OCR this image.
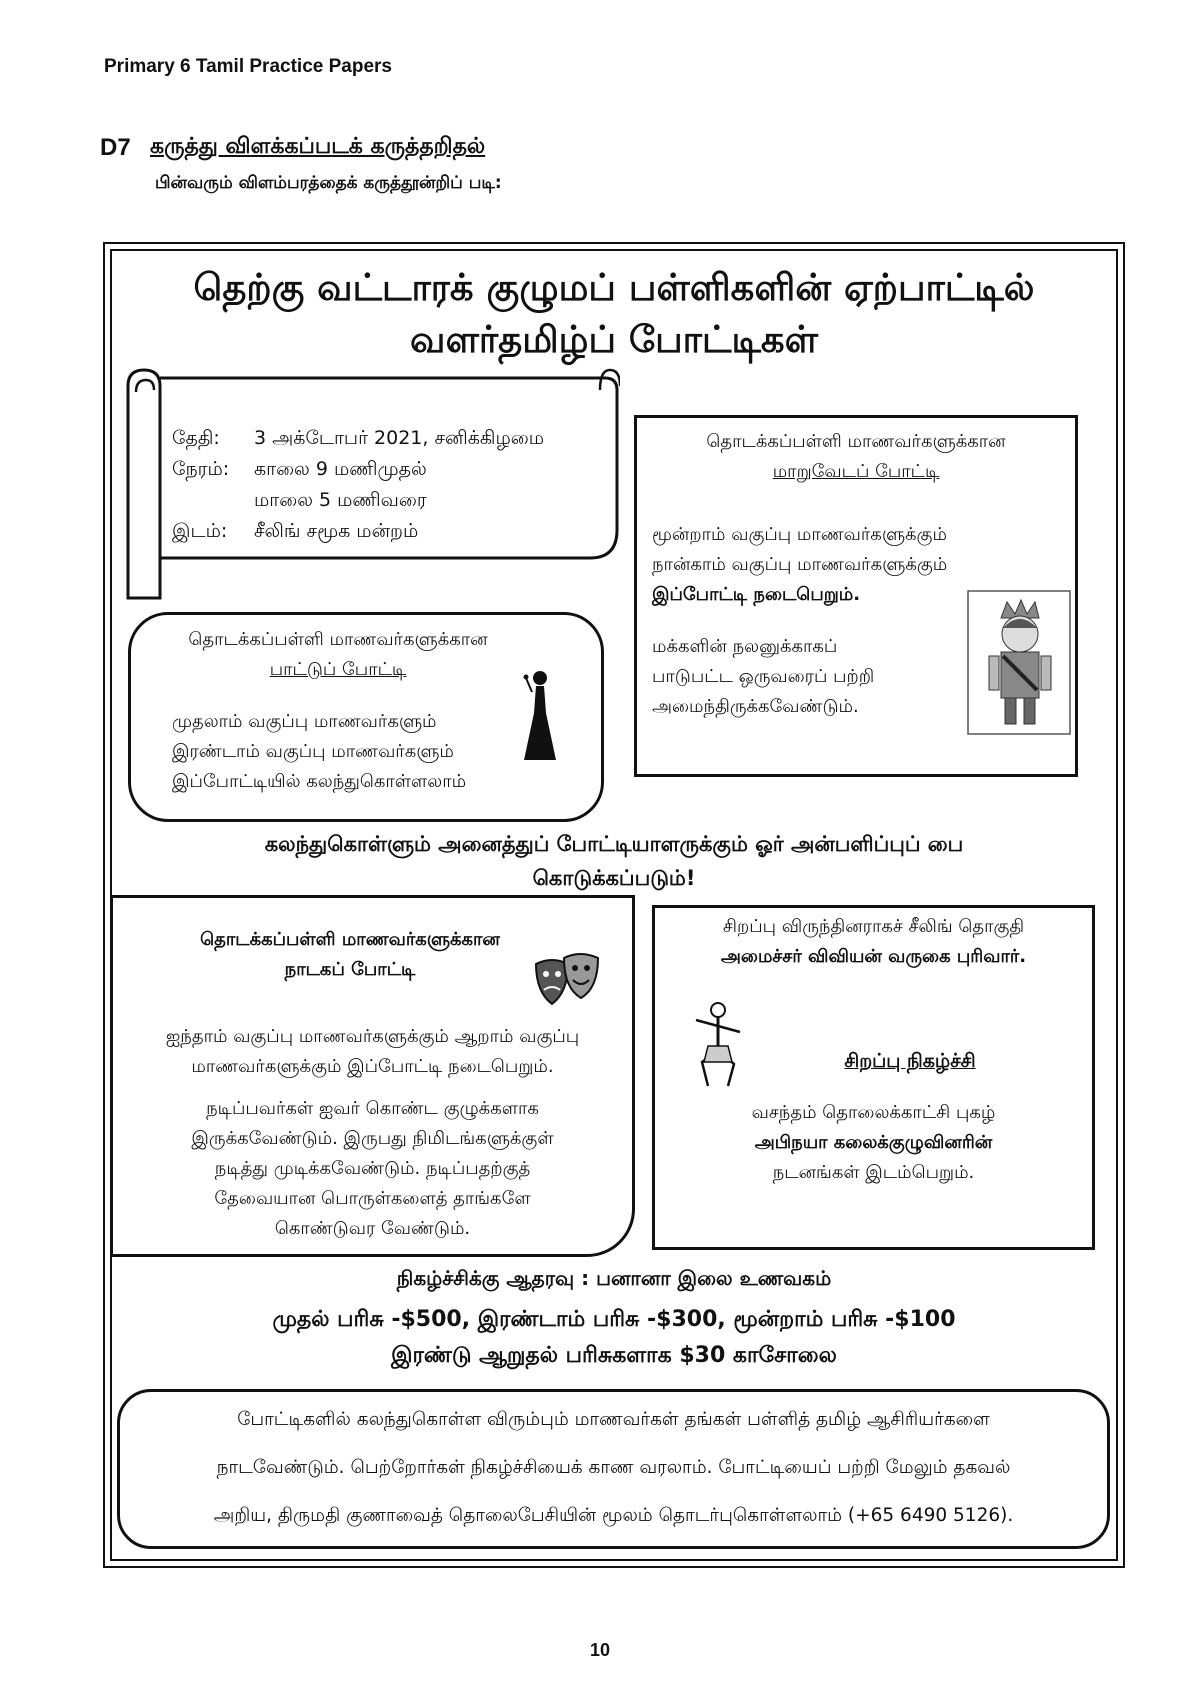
Primary 6 Tamil Practice Papers
D7 கருத்து விளக்கப்படக் கருத்தறிதல்
பின்வரும் விளம்பரத்தைக் கருத்தூன்றிப் படி:
தெற்கு வட்டாரக் குழுமப் பள்ளிகளின் ஏற்பாட்டில்
வளர்தமிழ்ப் போட்டிகள்
தேதி: 3 அக்டோபர் 2021, சனிக்கிழமை
நேரம்: காலை 9 மணிமுதல்
மாலை 5 மணிவரை
இடம்: சீலிங் சமூக மன்றம்
தொடக்கப்பள்ளி மாணவர்களுக்கான
பாட்டுப் போட்டி
முதலாம் வகுப்பு மாணவர்களும்
இரண்டாம் வகுப்பு மாணவர்களும்
இப்போட்டியில் கலந்துகொள்ளலாம்
தொடக்கப்பள்ளி மாணவர்களுக்கான
மாறுவேடப் போட்டி
மூன்றாம் வகுப்பு மாணவர்களுக்கும்
நான்காம் வகுப்பு மாணவர்களுக்கும்
இப்போட்டி நடைபெறும்.
மக்களின் நலனுக்காகப்
பாடுபட்ட ஒருவரைப் பற்றி
அமைந்திருக்கவேண்டும்.
கலந்துகொள்ளும் அனைத்துப் போட்டியாளருக்கும் ஓர் அன்பளிப்புப் பை
கொடுக்கப்படும்!
தொடக்கப்பள்ளி மாணவர்களுக்கான
நாடகப் போட்டி
ஐந்தாம் வகுப்பு மாணவர்களுக்கும் ஆறாம் வகுப்பு
மாணவர்களுக்கும் இப்போட்டி நடைபெறும்.
நடிப்பவர்கள் ஐவர் கொண்ட குழுக்களாக
இருக்கவேண்டும். இருபது நிமிடங்களுக்குள்
நடித்து முடிக்கவேண்டும். நடிப்பதற்குத்
தேவையான பொருள்களைத் தாங்களே
கொண்டுவர வேண்டும்.
சிறப்பு விருந்தினராகச் சீலிங் தொகுதி
அமைச்சர் விவியன் வருகை புரிவார்.
சிறப்பு நிகழ்ச்சி
வசந்தம் தொலைக்காட்சி புகழ்
அபிநயா கலைக்குழுவினரின்
நடனங்கள் இடம்பெறும்.
நிகழ்ச்சிக்கு ஆதரவு : பனானா இலை உணவகம்
முதல் பரிசு -$500, இரண்டாம் பரிசு -$300, மூன்றாம் பரிசு -$100
இரண்டு ஆறுதல் பரிசுகளாக $30 காசோலை
போட்டிகளில் கலந்துகொள்ள விரும்பும் மாணவர்கள் தங்கள் பள்ளித் தமிழ் ஆசிரியர்களை
நாடவேண்டும். பெற்றோர்கள் நிகழ்ச்சியைக் காண வரலாம். போட்டியைப் பற்றி மேலும் தகவல்
அறிய, திருமதி குணாவைத் தொலைபேசியின் மூலம் தொடர்புகொள்ளலாம் (+65 6490 5126).
10
